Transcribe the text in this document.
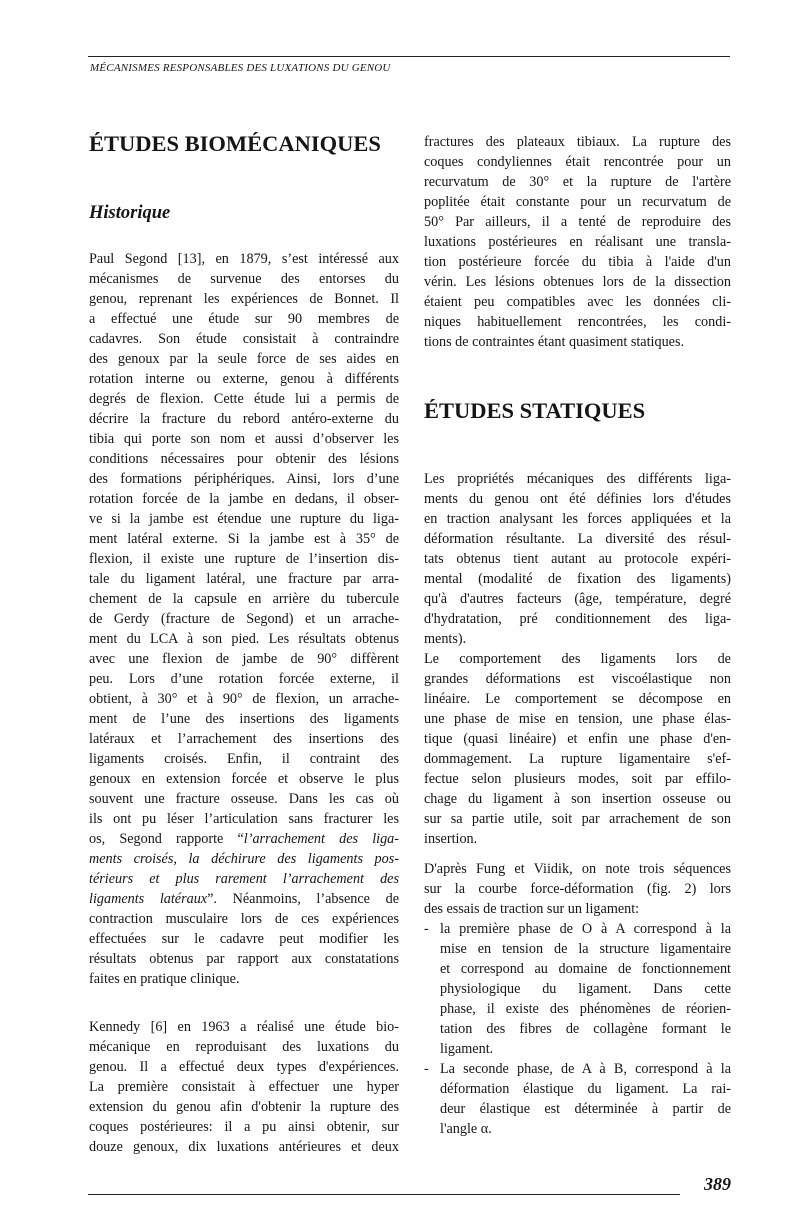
MÉCANISMES RESPONSABLES DES LUXATIONS DU GENOU
ÉTUDES BIOMÉCANIQUES
Historique
Paul Segond [13], en 1879, s’est intéressé aux
mécanismes de survenue des entorses du
genou, reprenant les expériences de Bonnet. Il
a effectué une étude sur 90 membres de
cadavres. Son étude consistait à contraindre
des genoux par la seule force de ses aides en
rotation interne ou externe, genou à différents
degrés de flexion. Cette étude lui a permis de
décrire la fracture du rebord antéro-externe du
tibia qui porte son nom et aussi d’observer les
conditions nécessaires pour obtenir des lésions
des formations périphériques. Ainsi, lors d’une
rotation forcée de la jambe en dedans, il obser-
ve si la jambe est étendue une rupture du liga-
ment latéral externe. Si la jambe est à 35° de
flexion, il existe une rupture de l’insertion dis-
tale du ligament latéral, une fracture par arra-
chement de la capsule en arrière du tubercule
de Gerdy (fracture de Segond) et un arrache-
ment du LCA à son pied. Les résultats obtenus
avec une flexion de jambe de 90° diffèrent
peu. Lors d’une rotation forcée externe, il
obtient, à 30° et à 90° de flexion, un arrache-
ment de l’une des insertions des ligaments
latéraux et l’arrachement des insertions des
ligaments croisés. Enfin, il contraint des
genoux en extension forcée et observe le plus
souvent une fracture osseuse. Dans les cas où
ils ont pu léser l’articulation sans fracturer les
os, Segond rapporte “l’arrachement des liga-
ments croisés, la déchirure des ligaments pos-
térieurs et plus rarement l’arrachement des
ligaments latéraux”. Néanmoins, l’absence de
contraction musculaire lors de ces expériences
effectuées sur le cadavre peut modifier les
résultats obtenus par rapport aux constatations
faites en pratique clinique.
Kennedy [6] en 1963 a réalisé une étude bio-
mécanique en reproduisant des luxations du
genou. Il a effectué deux types d'expériences.
La première consistait à effectuer une hyper
extension du genou afin d'obtenir la rupture des
coques postérieures: il a pu ainsi obtenir, sur
douze genoux, dix luxations antérieures et deux
fractures des plateaux tibiaux. La rupture des
coques condyliennes était rencontrée pour un
recurvatum de 30° et la rupture de l'artère
poplitée était constante pour un recurvatum de
50° Par ailleurs, il a tenté de reproduire des
luxations postérieures en réalisant une transla-
tion postérieure forcée du tibia à l'aide d'un
vérin. Les lésions obtenues lors de la dissection
étaient peu compatibles avec les données cli-
niques habituellement rencontrées, les condi-
tions de contraintes étant quasiment statiques.
ÉTUDES STATIQUES
Les propriétés mécaniques des différents liga-
ments du genou ont été définies lors d'études
en traction analysant les forces appliquées et la
déformation résultante. La diversité des résul-
tats obtenus tient autant au protocole expéri-
mental (modalité de fixation des ligaments)
qu'à d'autres facteurs (âge, température, degré
d'hydratation, pré conditionnement des liga-
ments).
Le comportement des ligaments lors de
grandes déformations est viscoélastique non
linéaire. Le comportement se décompose en
une phase de mise en tension, une phase élas-
tique (quasi linéaire) et enfin une phase d'en-
dommagement. La rupture ligamentaire s'ef-
fectue selon plusieurs modes, soit par effilo-
chage du ligament à son insertion osseuse ou
sur sa partie utile, soit par arrachement de son
insertion.
D'après Fung et Viidik, on note trois séquences
sur la courbe force-déformation (fig. 2) lors
des essais de traction sur un ligament:
- la première phase de O à A correspond à la
mise en tension de la structure ligamentaire
et correspond au domaine de fonctionnement
physiologique du ligament. Dans cette
phase, il existe des phénomènes de réorien-
tation des fibres de collagène formant le
ligament.
- La seconde phase, de A à B, correspond à la
déformation élastique du ligament. La rai-
deur élastique est déterminée à partir de
l'angle α.
389
